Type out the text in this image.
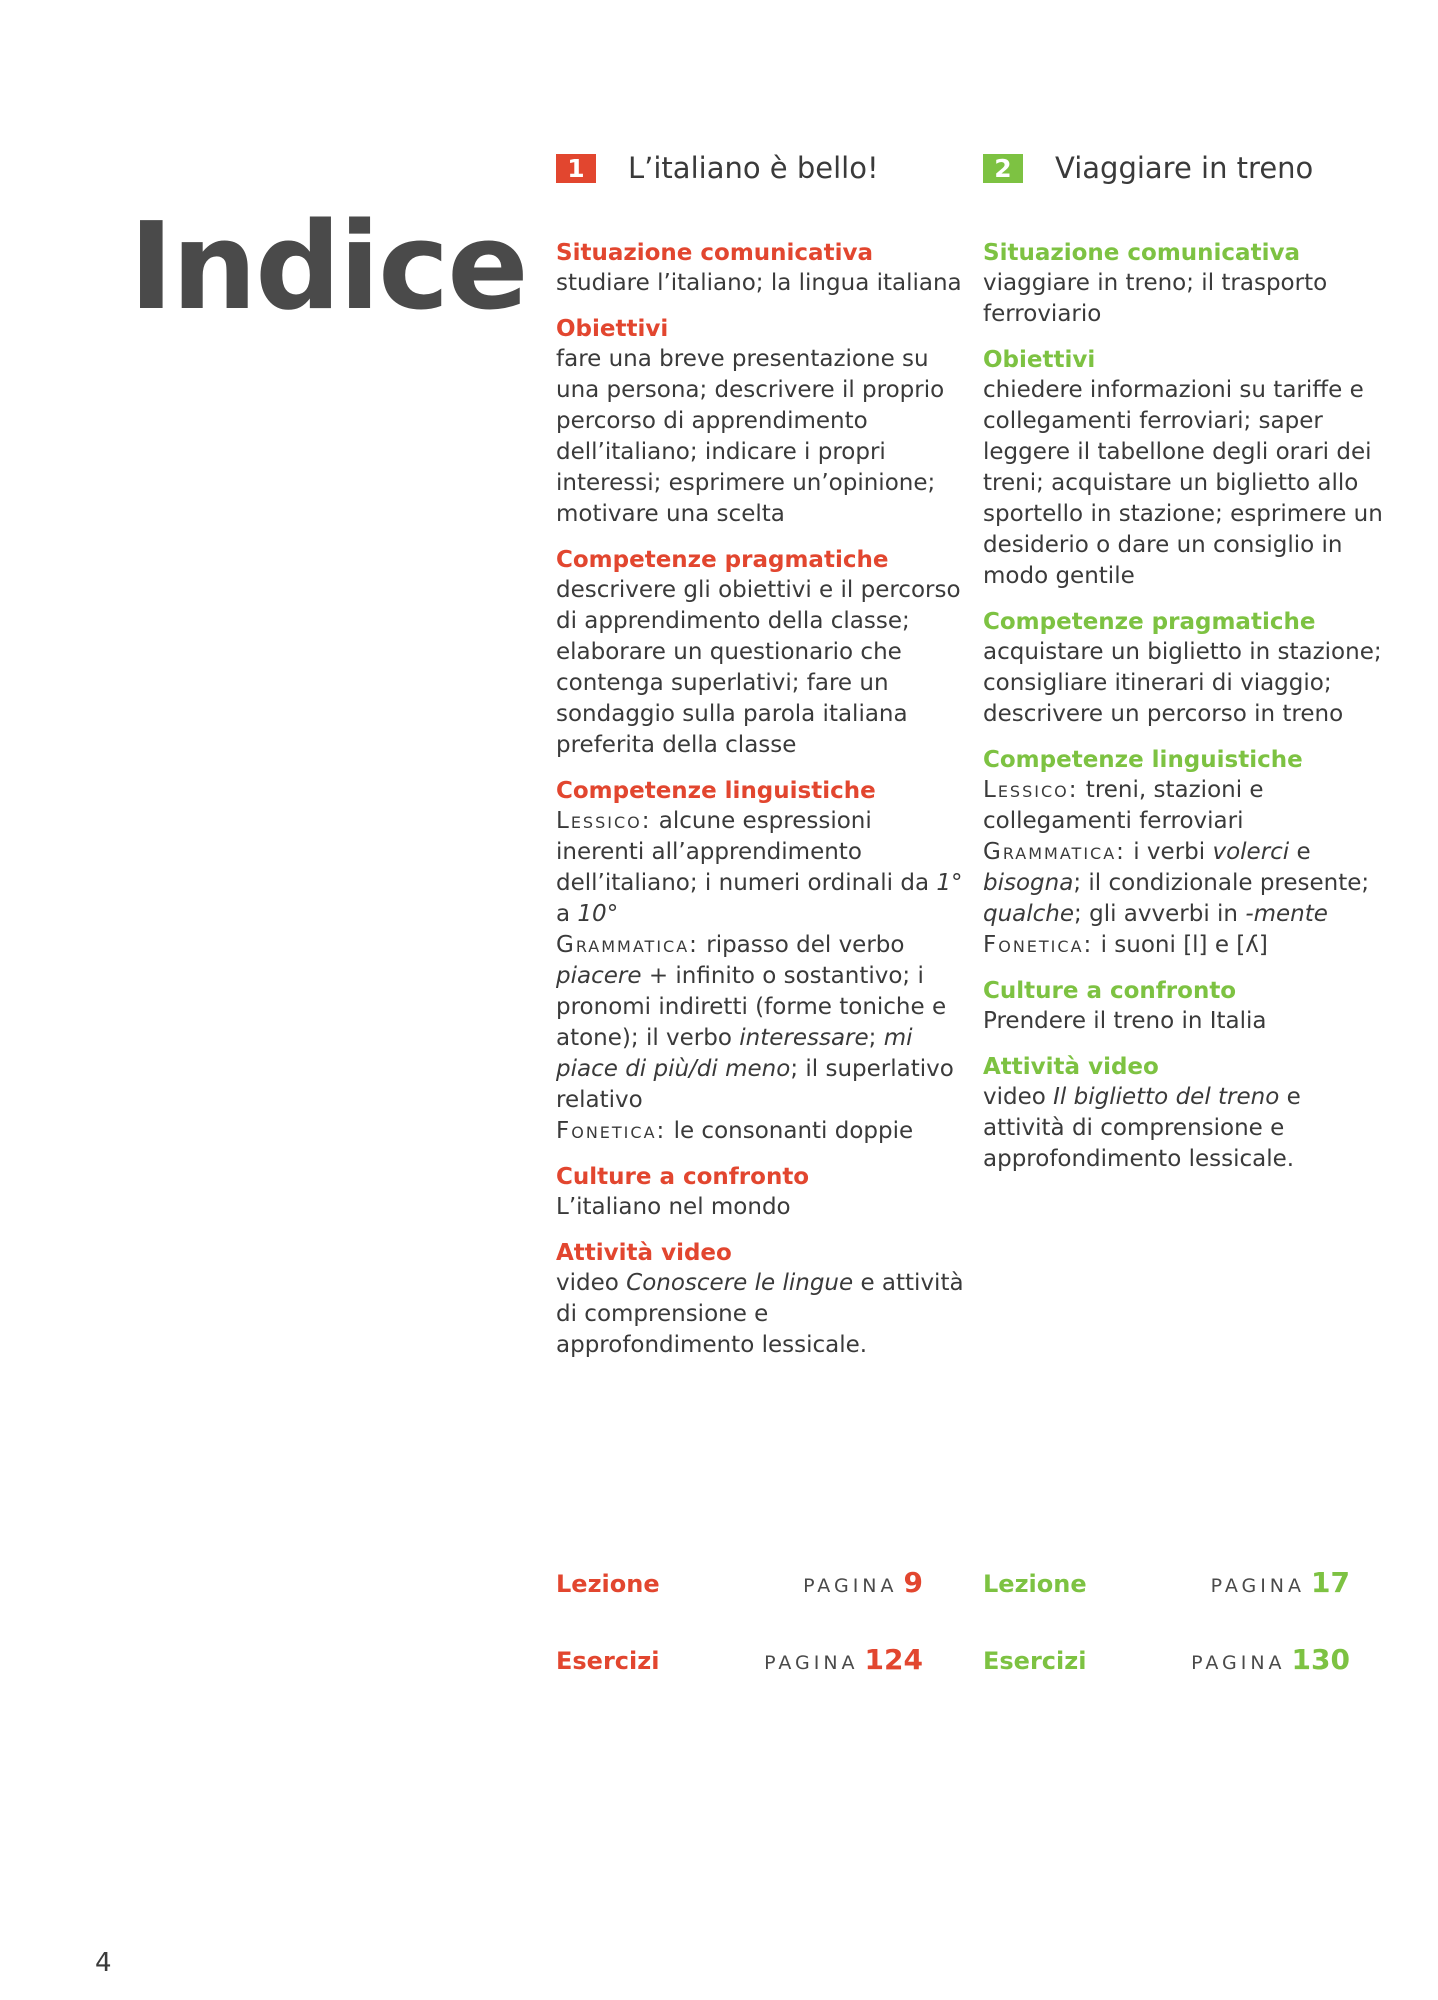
Indice
1	L’italiano è bello!
Situazione comunicativa
studiare l’italiano; la lingua italiana
Obiettivi
fare una breve presentazione su una persona; descrivere il proprio percorso di apprendimento dell’italiano; indicare i propri interessi; esprimere un’opinione; motivare una scelta
Competenze pragmatiche
descrivere gli obiettivi e il percorso di apprendimento della classe; elaborare un questionario che contenga superlativi; fare un sondaggio sulla parola italiana preferita della classe
Competenze linguistiche
Lessico: alcune espressioni inerenti all’apprendimento dell’italiano; i numeri ordinali da 1° a 10°
Grammatica: ripasso del verbo piacere + infinito o sostantivo; i pronomi indiretti (forme toniche e atone); il verbo interessare; mi piace di più/di meno; il superlativo relativo
Fonetica: le consonanti doppie
Culture a confronto
L’italiano nel mondo
Attività video
video Conoscere le lingue e attività di comprensione e approfondimento lessicale.
2	Viaggiare in treno
Situazione comunicativa
viaggiare in treno; il trasporto ferroviario
Obiettivi
chiedere informazioni su tariffe e collegamenti ferroviari; saper leggere il tabellone degli orari dei treni; acquistare un biglietto allo sportello in stazione; esprimere un desiderio o dare un consiglio in modo gentile
Competenze pragmatiche
acquistare un biglietto in stazione; consigliare itinerari di viaggio; descrivere un percorso in treno
Competenze linguistiche
Lessico: treni, stazioni e collegamenti ferroviari
Grammatica: i verbi volerci e bisogna; il condizionale presente; qualche; gli avverbi in -mente
Fonetica: i suoni [l] e [ʎ]
Culture a confronto
Prendere il treno in Italia
Attività video
video Il biglietto del treno e attività di comprensione e approfondimento lessicale.
Lezione	PAGINA 9
Esercizi	PAGINA 124
Lezione	PAGINA 17
Esercizi	PAGINA 130
4
